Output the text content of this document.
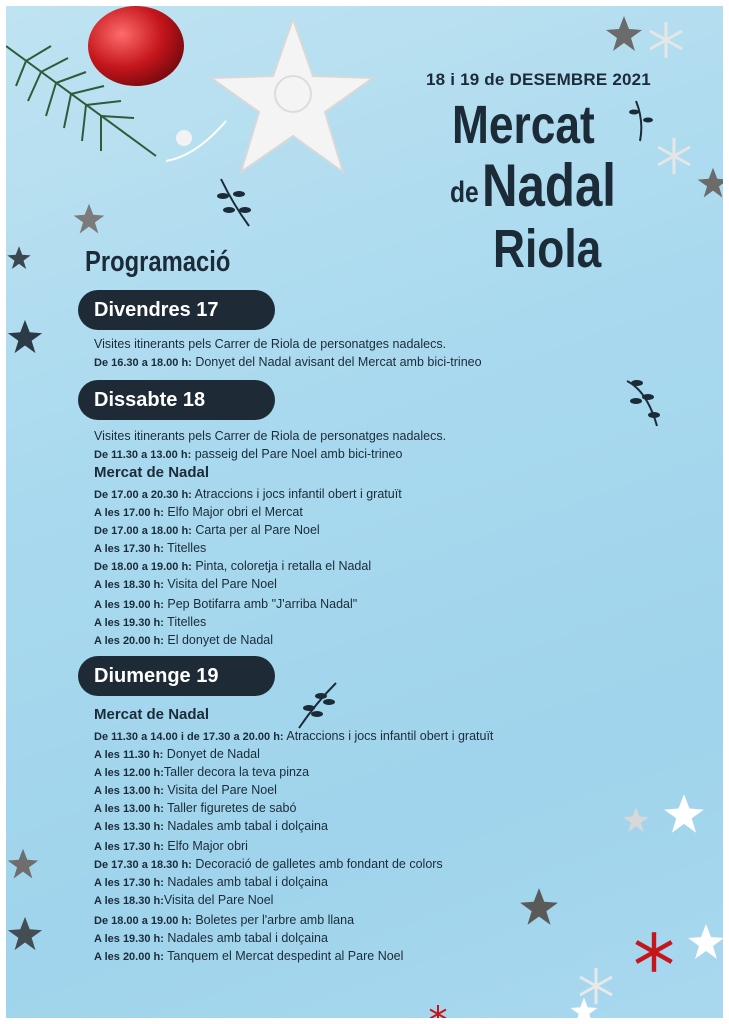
18 i 19 de DESEMBRE 2021
Mercat
de Nadal
Riola
Programació
Divendres 17
Visites itinerants pels Carrer de Riola de personatges nadalecs.
De 16.30 a 18.00 h: Donyet del Nadal avisant del Mercat amb bici-trineo
Dissabte 18
Visites itinerants pels Carrer de Riola de personatges nadalecs.
De 11.30 a 13.00 h: passeig del Pare Noel amb bici-trineo
Mercat de Nadal
De 17.00 a 20.30 h: Atraccions i jocs infantil obert i gratuït
A les 17.00 h: Elfo Major obri el Mercat
De 17.00 a 18.00 h: Carta per al Pare Noel
A les 17.30 h: Titelles
De 18.00 a 19.00 h: Pinta, coloretja i retalla el Nadal
A les 18.30 h: Visita del Pare Noel
A les 19.00 h: Pep Botifarra amb "J'arriba Nadal"
A les 19.30 h: Titelles
A les 20.00 h: El donyet de Nadal
Diumenge 19
Mercat de Nadal
De 11.30 a 14.00 i de 17.30 a 20.00 h: Atraccions i jocs infantil obert i gratuït
A les 11.30 h: Donyet de Nadal
A les 12.00 h:Taller decora la teva pinza
A les 13.00 h: Visita del Pare Noel
A les 13.00 h: Taller figuretes de sabó
A les 13.30 h: Nadales amb tabal i dolçaina
A les 17.30 h: Elfo Major obri
De 17.30 a 18.30 h: Decoració de galletes amb fondant de colors
A les 17.30 h: Nadales amb tabal i dolçaina
A les 18.30 h:Visita del Pare Noel
De 18.00 a 19.00 h: Boletes per l'arbre amb llana
A les 19.30 h: Nadales amb tabal i dolçaina
A les 20.00 h: Tanquem el Mercat despedint al Pare Noel
